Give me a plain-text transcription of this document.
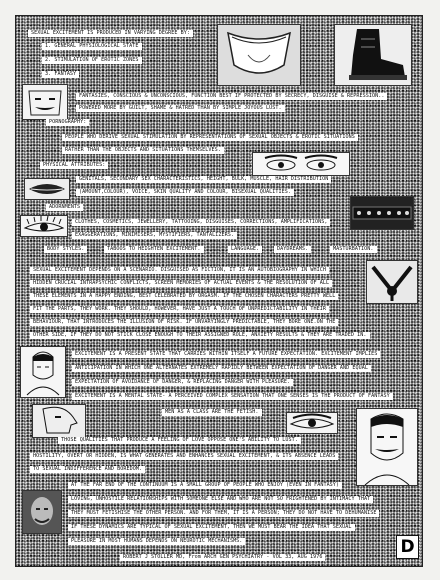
SEXUAL EXCITEMENT IS PRODUCED IN VARYING DEGREE BY:
1. GENERAL PHYSIOLOGICAL STATE
2. STIMULATION OF EROTIC ZONES
3. FANTASY
FANTASIES, CONSCIOUS & UNCONSCIOUS, FUNCTION BEST IF PROTECTED BY SECRECY, DISGUISE & REPRESSION..
POWERED MORE BY GUILT, SHAME & HATRED THAN BY SIMPLE JOYOUS LUST.
PORNOGRAPHY:
PEOPLE WHO DERIVE SEXUAL STIMULATION BY REPRESENTATIONS OF SEXUAL OBJECTS & EROTIC SITUATIONS
RATHER THAN THE OBJECTS AND SITUATIONS THEMSELVES.
PHYSICAL ATTRIBUTES:
GENITALS, SECONDARY SEX CHARACTERISTICS, HEIGHT, BULK, MUSCLE, HAIR DISTRIBUTION
(AMOUNT,COLOUR), VOICE, SKIN QUALITY AND COLOUR, BISEXUAL QUALITIES.
ADORNMENTS
CLOTHES, COSMETICS, JEWELLERY, TATTOOING, DISGUISES, CORRECTIONS, AMPLIFICATIONS,
EXAGGERATIONS, MINIMISERS, MYSTIFIERS, TANTALIZERS.
BODY STYLES.	TABOOS TO HEIGHTEN EXCITEMENT.	LANGUAGE.	DAYDREAMS.	MASTURBATION.
SEXUAL EXCITEMENT DEPENDS ON A SCENARIO. DISGUISED AS FICTION, IT IS AN AUTOBIOGRAPHY IN WHICH
HIDDEN CRUCIAL INTRAPSYCHIC CONFLICTS, SCREEN MEMORIES OF ACTUAL EVENTS & THE RESOLUTION OF ALL
THESE ELEMENTS IN A HAPPY ENDING, BEST CELEBRATED BY ORGASM. IF THE CHOSEN CHARACTERS PRETTY WELL
FIT THE PARTS, THEY WORK. THEY SHOULD, HOWEVER, HAVE JUST A TOUCH OF UNPREDICTABILITY IN THEIR
BEHAVIOUR, THAT INTRODUCES THE ILLUSION OF RISK. IF UNVARYINGLY PREDICTABLE, THEY BORE ONE.ON THE
OTHER SIDE, IF THEY DO NOT STICK CLOSE ENOUGH TO THEIR ASSIGNED ROLE, ANXIETY RESULTS & THEY ARE TRADED IN.
EXCITEMENT IS A PRESENT STATE THAT CARRIES WITHIN ITSELF A FUTURE EXPECTATION. EXCITEMENT IMPLIES
ANTICIPATION IN WHICH ONE ALTERNATES EXTREMELY RAPIDLY BETWEEN EXPECTATION OF DANGER AND EQUAL
EXPECTATION OF AVOIDANCE OF DANGER, & REPLACING DANGER WITH PLEASURE.
EXCITEMENT IS A MENTAL STATE- A PERCEIVED COMPLEX SENSATION THAT ONE SENSES IS THE PRODUCT OF FANTASY
MEN AS A CLASS ARE THE FETISH.
THOSE QUALITIES THAT PRODUCE A FEELING OF LOVE OPPOSE ONE'S ABILITY TO LUST.
HOSTILITY, OVERT OR HIDDEN, IS WHAT GENERATES AND ENHANCES SEXUAL EXCITEMENT, & ITS ABSENCE LEADS
TO SEXUAL INDIFFERENCE AND BOREDOM.
AT THE FAR END OF THE CONTINUUM IS A SMALL GROUP OF PEOPLE WHO ENJOY (EVEN IN FANTASY)
LOVING, UNHOSTILE RELATIONSHIPS WITH SOMEONE ELSE AND WHO ARE NOT SO FRIGHTENED BY INTIMACY THAT
THEY MUST FETISHISE THE OTHER PERSON. AND FOR THEM, IT IS A PERSON; THEY DO NOT HAVE TO DEHUMANISE
IF THESE DYNAMICS ARE TYPICAL OF SEXUAL EXCITEMENT, THEN WE MUST BEAR THE IDEA THAT SEXUAL
PLEASURE IN MOST HUMANS DEPENDS ON NEUROTIC MECHANISMS.
ROBERT J STOLLER MD, From ARCH GEN PSYCHIATRY - VOL 33, AUG 1976	D
